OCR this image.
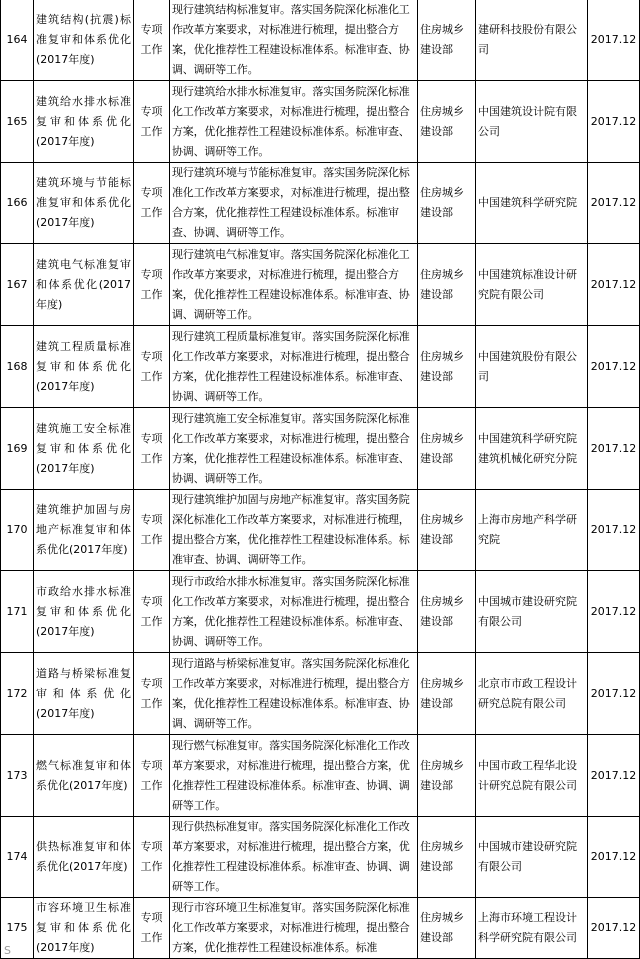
164	建筑结构(抗震)标准复审和体系优化(2017年度)	专项工作	现行建筑结构标准复审。落实国务院深化标准化工作改革方案要求，对标准进行梳理，提出整合方案，优化推荐性工程建设标准体系。标准审查、协调、调研等工作。	住房城乡建设部	建研科技股份有限公司	2017.12
165	建筑给水排水标准复审和体系优化(2017年度)	专项工作	现行建筑给水排水标准复审。落实国务院深化标准化工作改革方案要求，对标准进行梳理，提出整合方案，优化推荐性工程建设标准体系。标准审查、协调、调研等工作。	住房城乡建设部	中国建筑设计院有限公司	2017.12
166	建筑环境与节能标准复审和体系优化(2017年度)	专项工作	现行建筑环境与节能标准复审。落实国务院深化标准化工作改革方案要求，对标准进行梳理，提出整合方案，优化推荐性工程建设标准体系。标准审查、协调、调研等工作。	住房城乡建设部	中国建筑科学研究院	2017.12
167	建筑电气标准复审和体系优化(2017年度)	专项工作	现行建筑电气标准复审。落实国务院深化标准化工作改革方案要求，对标准进行梳理，提出整合方案，优化推荐性工程建设标准体系。标准审查、协调、调研等工作。	住房城乡建设部	中国建筑标准设计研究院有限公司	2017.12
168	建筑工程质量标准复审和体系优化(2017年度)	专项工作	现行建筑工程质量标准复审。落实国务院深化标准化工作改革方案要求，对标准进行梳理，提出整合方案，优化推荐性工程建设标准体系。标准审查、协调、调研等工作。	住房城乡建设部	中国建筑股份有限公司	2017.12
169	建筑施工安全标准复审和体系优化(2017年度)	专项工作	现行建筑施工安全标准复审。落实国务院深化标准化工作改革方案要求，对标准进行梳理，提出整合方案，优化推荐性工程建设标准体系。标准审查、协调、调研等工作。	住房城乡建设部	中国建筑科学研究院建筑机械化研究分院	2017.12
170	建筑维护加固与房地产标准复审和体系优化(2017年度)	专项工作	现行建筑维护加固与房地产标准复审。落实国务院深化标准化工作改革方案要求，对标准进行梳理，提出整合方案，优化推荐性工程建设标准体系。标准审查、协调、调研等工作。	住房城乡建设部	上海市房地产科学研究院	2017.12
171	市政给水排水标准复审和体系优化(2017年度)	专项工作	现行市政给水排水标准复审。落实国务院深化标准化工作改革方案要求，对标准进行梳理，提出整合方案，优化推荐性工程建设标准体系。标准审查、协调、调研等工作。	住房城乡建设部	中国城市建设研究院有限公司	2017.12
172	道路与桥梁标准复审和体系优化(2017年度)	专项工作	现行道路与桥梁标准复审。落实国务院深化标准化工作改革方案要求，对标准进行梳理，提出整合方案，优化推荐性工程建设标准体系。标准审查、协调、调研等工作。	住房城乡建设部	北京市市政工程设计研究总院有限公司	2017.12
173	燃气标准复审和体系优化(2017年度)	专项工作	现行燃气标准复审。落实国务院深化标准化工作改革方案要求，对标准进行梳理，提出整合方案，优化推荐性工程建设标准体系。标准审查、协调、调研等工作。	住房城乡建设部	中国市政工程华北设计研究总院有限公司	2017.12
174	供热标准复审和体系优化(2017年度)	专项工作	现行供热标准复审。落实国务院深化标准化工作改革方案要求，对标准进行梳理，提出整合方案，优化推荐性工程建设标准体系。标准审查、协调、调研等工作。	住房城乡建设部	中国城市建设研究院有限公司	2017.12
175	市容环境卫生标准复审和体系优化(2017年度)	专项工作	现行市容环境卫生标准复审。落实国务院深化标准化工作改革方案要求，对标准进行梳理，提出整合方案，优化推荐性工程建设标准体系。标准	住房城乡建设部	上海市环境工程设计科学研究院有限公司	2017.12
S
